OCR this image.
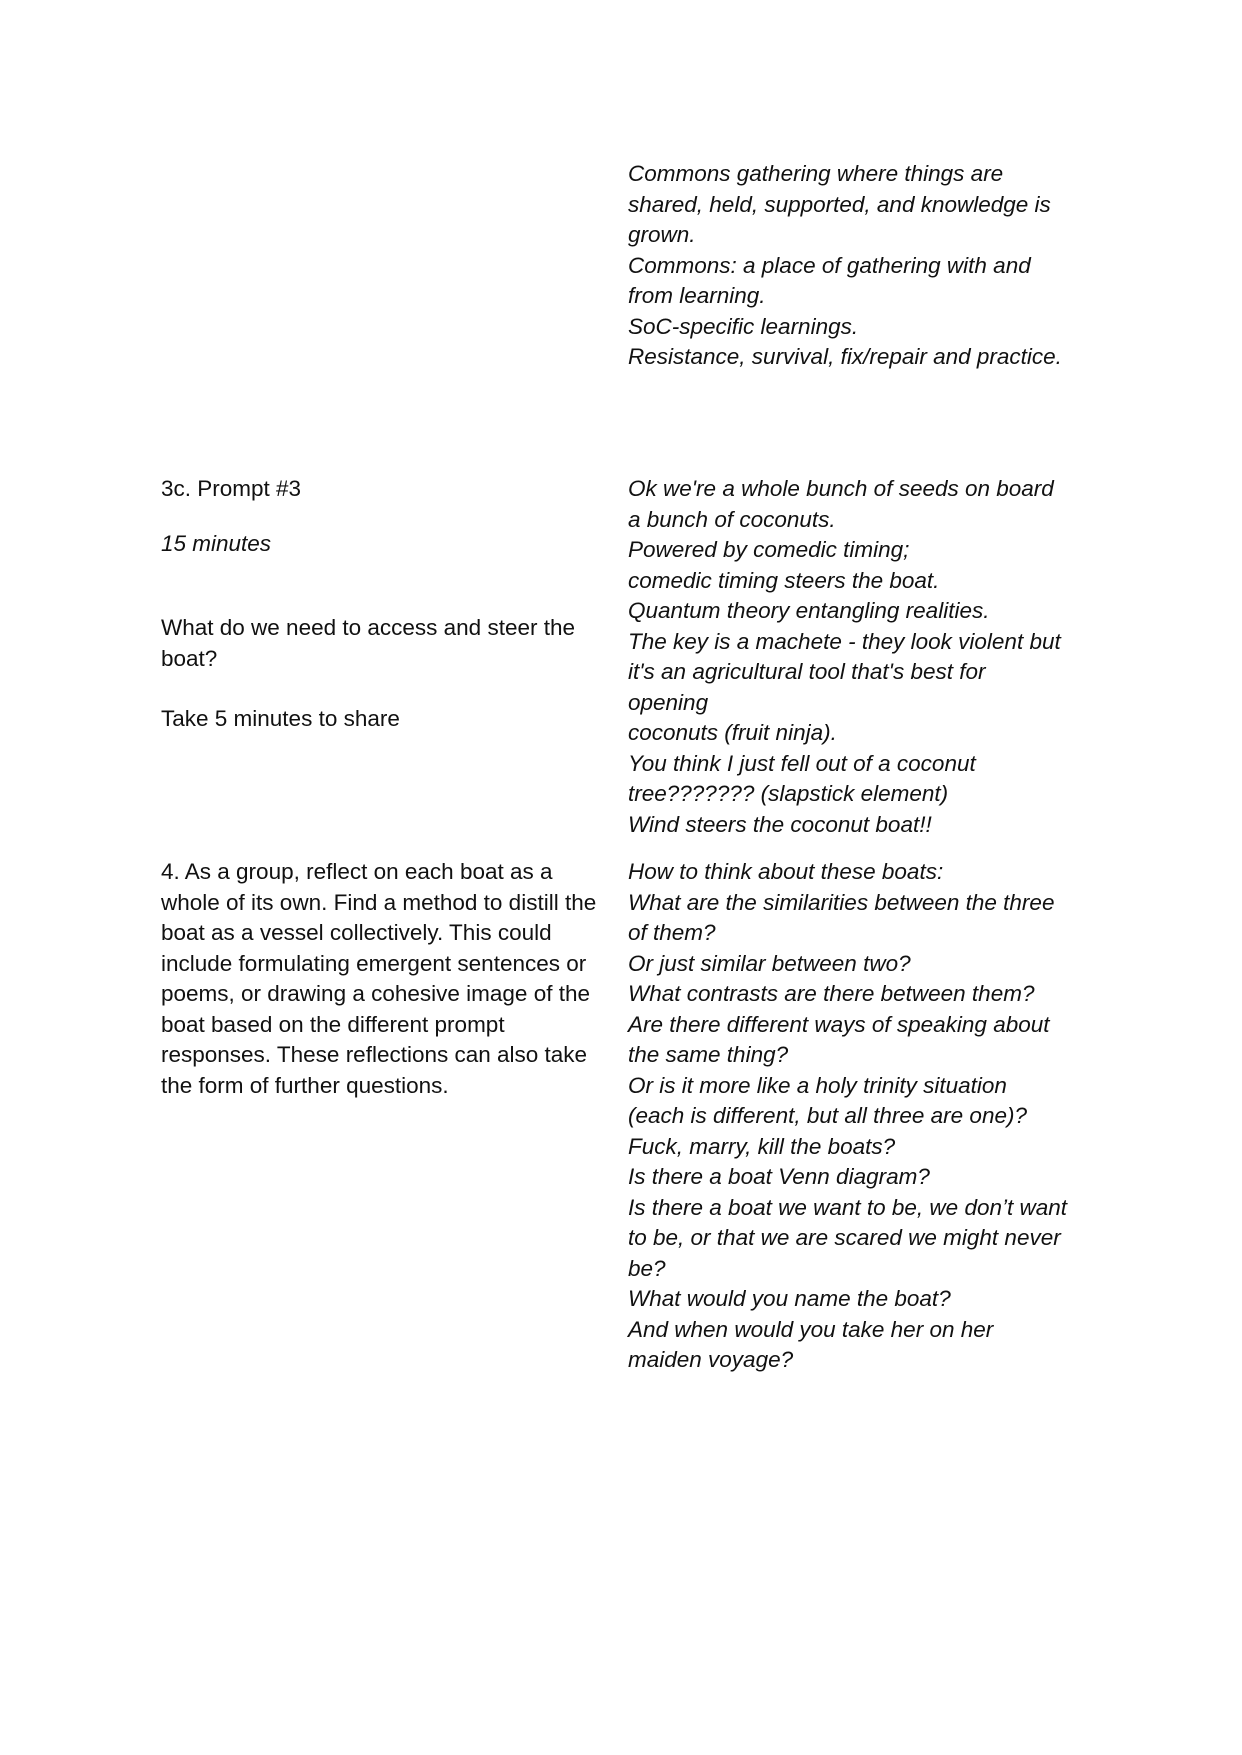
Commons gathering where things are
shared, held, supported, and knowledge is
grown.
Commons: a place of gathering with and
from learning.
SoC-specific learnings.
Resistance, survival, fix/repair and practice.
3c. Prompt #3
15 minutes
What do we need to access and steer the
boat?
Take 5 minutes to share
Ok we're a whole bunch of seeds on board
a bunch of coconuts.
Powered by comedic timing;
comedic timing steers the boat.
Quantum theory entangling realities.
The key is a machete - they look violent but
it's an agricultural tool that's best for
opening
coconuts (fruit ninja).
You think I just fell out of a coconut
tree??????? (slapstick element)
Wind steers the coconut boat!!
4. As a group, reflect on each boat as a
whole of its own. Find a method to distill the
boat as a vessel collectively. This could
include formulating emergent sentences or
poems, or drawing a cohesive image of the
boat based on the different prompt
responses. These reflections can also take
the form of further questions.
How to think about these boats:
What are the similarities between the three
of them?
Or just similar between two?
What contrasts are there between them?
Are there different ways of speaking about
the same thing?
Or is it more like a holy trinity situation
(each is different, but all three are one)?
Fuck, marry, kill the boats?
Is there a boat Venn diagram?
Is there a boat we want to be, we don’t want
to be, or that we are scared we might never
be?
What would you name the boat?
And when would you take her on her
maiden voyage?
